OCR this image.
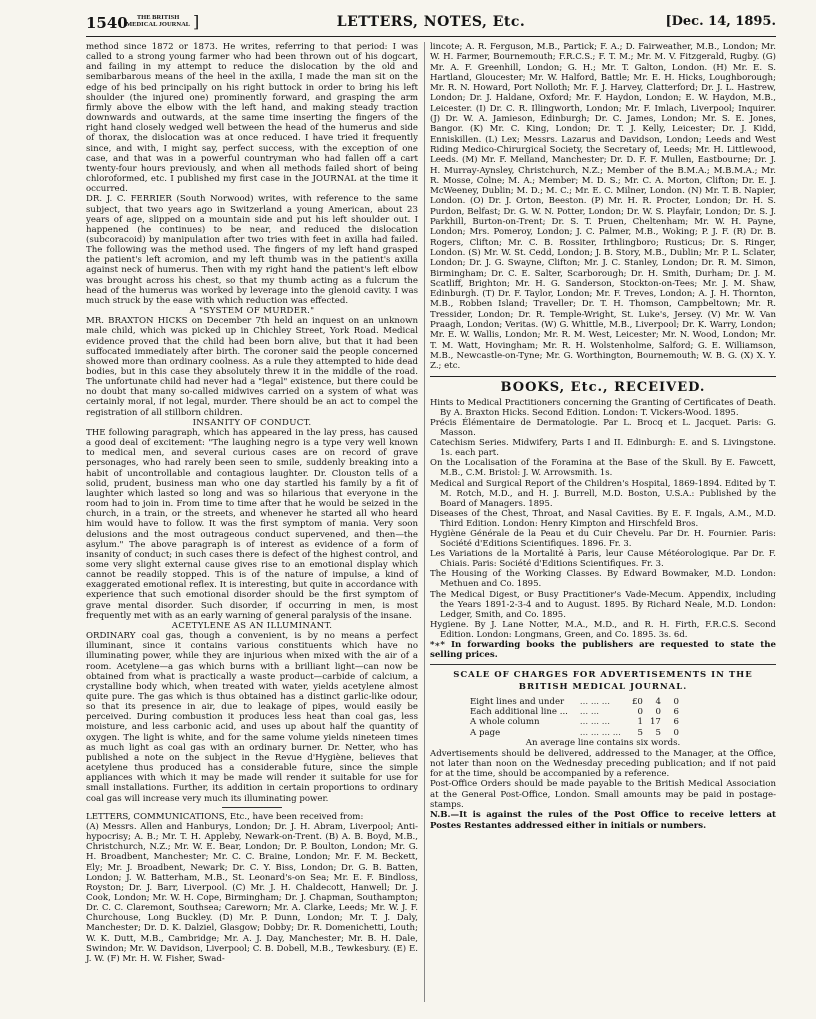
1540	THE BRITISH
MEDICAL JOURNAL ]	LETTERS, NOTES, Etc.	[Dec. 14, 1895.

method since 1872 or 1873. He writes, referring to that period: I was called to a strong young farmer who had been thrown out of his dogcart, and failing in my attempt to reduce the dislocation by the old and semibarbarous means of the heel in the axilla, I made the man sit on the edge of his bed principally on his right buttock in order to bring his left shoulder (the injured one) prominently forward, and grasping the arm firmly above the elbow with the left hand, and making steady traction downwards and outwards, at the same time inserting the fingers of the right hand closely wedged well between the head of the humerus and side of thorax, the dislocation was at once reduced. I have tried it frequently since, and with, I might say, perfect success, with the exception of one case, and that was in a powerful countryman who had fallen off a cart twenty-four hours previously, and when all methods failed short of being chloroformed, etc. I published my first case in the JOURNAL at the time it occurred.

DR. J. C. FERRIER (South Norwood) writes, with reference to the same subject, that two years ago in Switzerland a young American, about 23 years of age, slipped on a mountain side and put his left shoulder out. I happened (he continues) to be near, and reduced the dislocation (subcoracoid) by manipulation after two tries with feet in axilla had failed. The following was the method used. The fingers of my left hand grasped the patient's left acromion, and my left thumb was in the patient's axilla against neck of humerus. Then with my right hand the patient's left elbow was brought across his chest, so that my thumb acting as a fulcrum the head of the humerus was worked by leverage into the glenoid cavity. I was much struck by the ease with which reduction was effected.

A "SYSTEM OF MURDER."

MR. BRAXTON HICKS on December 7th held an inquest on an unknown male child, which was picked up in Chichley Street, York Road. Medical evidence proved that the child had been born alive, but that it had been suffocated immediately after birth. The coroner said the people concerned showed more than ordinary coolness. As a rule they attempted to hide dead bodies, but in this case they absolutely threw it in the middle of the road. The unfortunate child had never had a "legal" existence, but there could be no doubt that many so-called midwives carried on a system of what was certainly moral, if not legal, murder. There should be an act to compel the registration of all stillborn children.

INSANITY OF CONDUCT.

THE following paragraph, which has appeared in the lay press, has caused a good deal of excitement: "The laughing negro is a type very well known to medical men, and several curious cases are on record of grave personages, who had rarely been seen to smile, suddenly breaking into a habit of uncontrollable and contagious laughter. Dr. Clouston tells of a solid, prudent, business man who one day startled his family by a fit of laughter which lasted so long and was so hilarious that everyone in the room had to join in. From time to time after that he would be seized in the church, in a train, or the streets, and whenever he started all who heard him would have to follow. It was the first symptom of mania. Very soon delusions and the most outrageous conduct supervened, and then—the asylum." The above paragraph is of interest as evidence of a form of insanity of conduct; in such cases there is defect of the highest control, and some very slight external cause gives rise to an emotional display which cannot be readily stopped. This is of the nature of impulse, a kind of exaggerated emotional reflex. It is interesting, but quite in accordance with experience that such emotional disorder should be the first symptom of grave mental disorder. Such disorder, if occurring in men, is most frequently met with as an early warning of general paralysis of the insane.

ACETYLENE AS AN ILLUMINANT.

ORDINARY coal gas, though a convenient, is by no means a perfect illuminant, since it contains various constituents which have no illuminating power, while they are injurious when mixed with the air of a room. Acetylene—a gas which burns with a brilliant light—can now be obtained from what is practically a waste product—carbide of calcium, a crystalline body which, when treated with water, yields acetylene almost quite pure. The gas which is thus obtained has a distinct garlic-like odour, so that its presence in air, due to leakage of pipes, would easily be perceived. During combustion it produces less heat than coal gas, less moisture, and less carbonic acid, and uses up about half the quantity of oxygen. The light is white, and for the same volume yields nineteen times as much light as coal gas with an ordinary burner. Dr. Netter, who has published a note on the subject in the Revue d'Hygiène, believes that acetylene thus produced has a considerable future, since the simple appliances with which it may be made will render it suitable for use for small installations. Further, its addition in certain proportions to ordinary coal gas will increase very much its illuminating power.

LETTERS, COMMUNICATIONS, Etc., have been received from:

(A) Messrs. Allen and Hanburys, London; Dr. J. H. Abram, Liverpool; Anti-hypocrisy; A. B.; Mr. T. H. Appleby, Newark-on-Trent. (B) A. B. Boyd, M.B., Christchurch, N.Z.; Mr. W. E. Bear, London; Dr. P. Boulton, London; Mr. G. H. Broadbent, Manchester; Mr. C. C. Braine, London; Mr. F. M. Beckett, Ely; Mr. J. Broadbent, Newark; Dr. C. Y. Biss, London; Dr. G. B. Batten, London; J. W. Batterham, M.B., St. Leonard's-on Sea; Mr. E. F. Bindloss, Royston; Dr. J. Barr, Liverpool. (C) Mr. J. H. Chaldecott, Hanwell; Dr. J. Cook, London; Mr. W. H. Cope, Birmingham; Dr. J. Chapman, Southampton; Dr. C. C. Claremont, Southsea; Careworn; Mr. A. Clarke, Leeds; Mr. W. J. F. Churchouse, Long Buckley. (D) Mr. P. Dunn, London; Mr. T. J. Daly, Manchester; Dr. D. K. Dalziel, Glasgow; Dobby; Dr. R. Domenichetti, Louth; W. K. Dutt, M.B., Cambridge; Mr. A. J. Day, Manchester; Mr. B. H. Dale, Swindon; Mr. W. Davidson, Liverpool; C. B. Dobell, M.B., Tewkesbury. (E) E. J. W. (F) Mr. H. W. Fisher, Swad-

lincote; A. R. Ferguson, M.B., Partick; F. A.; D. Fairweather, M.B., London; Mr. W. H. Farmer, Bournemouth; F.R.C.S.; F. T. M.; Mr. M. V. Fitzgerald, Rugby. (G) Mr. A. F. Greenhill, London; G. H.; Mr. T. Galton, London. (H) Mr. E. S. Hartland, Gloucester; Mr. W. Halford, Battle; Mr. E. H. Hicks, Loughborough; Mr. R. N. Howard, Port Nolloth; Mr. F. J. Harvey, Clatterford; Dr. J. L. Hastrew, London; Dr. J. Haldane, Oxford; Mr. F. Haydon, London; E. W. Haydon, M.B., Leicester. (I) Dr. C. R. Illingworth, London; Mr. F. Imlach, Liverpool; Inquirer. (J) Dr. W. A. Jamieson, Edinburgh; Dr. C. James, London; Mr. S. E. Jones, Bangor. (K) Mr. C. King, London; Dr. T. J. Kelly, Leicester; Dr. J. Kidd, Enniskillen. (L) Lex; Messrs. Lazarus and Davidson, London; Leeds and West Riding Medico-Chirurgical Society, the Secretary of, Leeds; Mr. H. Littlewood, Leeds. (M) Mr. F. Melland, Manchester; Dr. D. F. F. Mullen, Eastbourne; Dr. J. H. Murray-Aynsley, Christchurch, N.Z.; Member of the B.M.A.; M.B.M.A.; Mr. R. Mosse, Colne; M. A.; Member; M. D. S.; Mr. C. A. Morton, Clifton; Dr. E. J. McWeeney, Dublin; M. D.; M. C.; Mr. E. C. Milner, London. (N) Mr. T. B. Napier, London. (O) Dr. J. Orton, Beeston. (P) Mr. H. R. Procter, London; Dr. H. S. Purdon, Belfast; Dr. G. W. N. Potter, London; Dr. W. S. Playfair, London; Dr. S. J. Parkhill, Burton-on-Trent; Dr. S. T. Pruen, Cheltenham; Mr. W. H. Payne, London; Mrs. Pomeroy, London; J. C. Palmer, M.B., Woking; P. J. F. (R) Dr. B. Rogers, Clifton; Mr. C. B. Rossiter, Irthlingboro; Rusticus; Dr. S. Ringer, London. (S) Mr. W. St. Cedd, London; J. B. Story, M.B., Dublin; Mr. P. L. Sclater, London; Dr. J. G. Swayne, Clifton; Mr. J. C. Stanley, London; Dr. R. M. Simon, Birmingham; Dr. C. E. Salter, Scarborough; Dr. H. Smith, Durham; Dr. J. M. Scatliff, Brighton; Mr. H. G. Sanderson, Stockton-on-Tees; Mr. J. M. Shaw, Edinburgh. (T) Dr. F. Taylor, London; Mr. F. Treves, London; A. J. H. Thornton, M.B., Robben Island; Traveller; Dr. T. H. Thomson, Campbeltown; Mr. R. Tressider, London; Dr. R. Temple-Wright, St. Luke's, Jersey. (V) Mr. W. Van Praagh, London; Veritas. (W) G. Whittle, M.B., Liverpool; Dr. K. Warry, London; Mr. E. W. Wallis, London; Mr. R. M. West, Leicester; Mr. N. Wood, London; Mr. T. M. Watt, Hovingham; Mr. R. H. Wolstenholme, Salford; G. E. Williamson, M.B., Newcastle-on-Tyne; Mr. G. Worthington, Bournemouth; W. B. G. (X) X. Y. Z.; etc.

BOOKS, Etc., RECEIVED.

Hints to Medical Practitioners concerning the Granting of Certificates of Death. By A. Braxton Hicks. Second Edition. London: T. Vickers-Wood. 1895.

Précis Élémentaire de Dermatologie. Par L. Brocq et L. Jacquet. Paris: G. Masson.

Catechism Series. Midwifery, Parts I and II. Edinburgh: E. and S. Livingstone. 1s. each part.

On the Localisation of the Foramina at the Base of the Skull. By E. Fawcett, M.B., C.M. Bristol: J. W. Arrowsmith. 1s.

Medical and Surgical Report of the Children's Hospital, 1869-1894. Edited by T. M. Rotch, M.D., and H. J. Burrell, M.D. Boston, U.S.A.: Published by the Board of Managers. 1895.

Diseases of the Chest, Throat, and Nasal Cavities. By E. F. Ingals, A.M., M.D. Third Edition. London: Henry Kimpton and Hirschfeld Bros.

Hygiène Générale de la Peau et du Cuir Chevelu. Par Dr. H. Fournier. Paris: Société d'Editions Scientifiques. 1896. Fr. 3.

Les Variations de la Mortalité à Paris, leur Cause Météorologique. Par Dr. F. Chiais. Paris: Société d'Editions Scientifiques. Fr. 3.

The Housing of the Working Classes. By Edward Bowmaker, M.D. London: Methuen and Co. 1895.

The Medical Digest, or Busy Practitioner's Vade-Mecum. Appendix, including the Years 1891-2-3-4 and to August. 1895. By Richard Neale, M.D. London: Ledger, Smith, and Co. 1895.

Hygiene. By J. Lane Notter, M.A., M.D., and R. H. Firth, F.R.C.S. Second Edition. London: Longmans, Green, and Co. 1895. 3s. 6d.

*∗* In forwarding books the publishers are requested to state the selling prices.

SCALE OF CHARGES FOR ADVERTISEMENTS IN THE
BRITISH MEDICAL JOURNAL.
Eight lines and under	... ... ...	£0	4	0
Each additional line ...	... ...	0	0	6
A whole column	... ... ...	1	17	6
A page	... ... ... ...	5	5	0

An average line contains six words.

Advertisements should be delivered, addressed to the Manager, at the Office, not later than noon on the Wednesday preceding publication; and if not paid for at the time, should be accompanied by a reference.

Post-Office Orders should be made payable to the British Medical Association at the General Post-Office, London. Small amounts may be paid in postage-stamps.

N.B.—It is against the rules of the Post Office to receive letters at Postes Restantes addressed either in initials or numbers.
